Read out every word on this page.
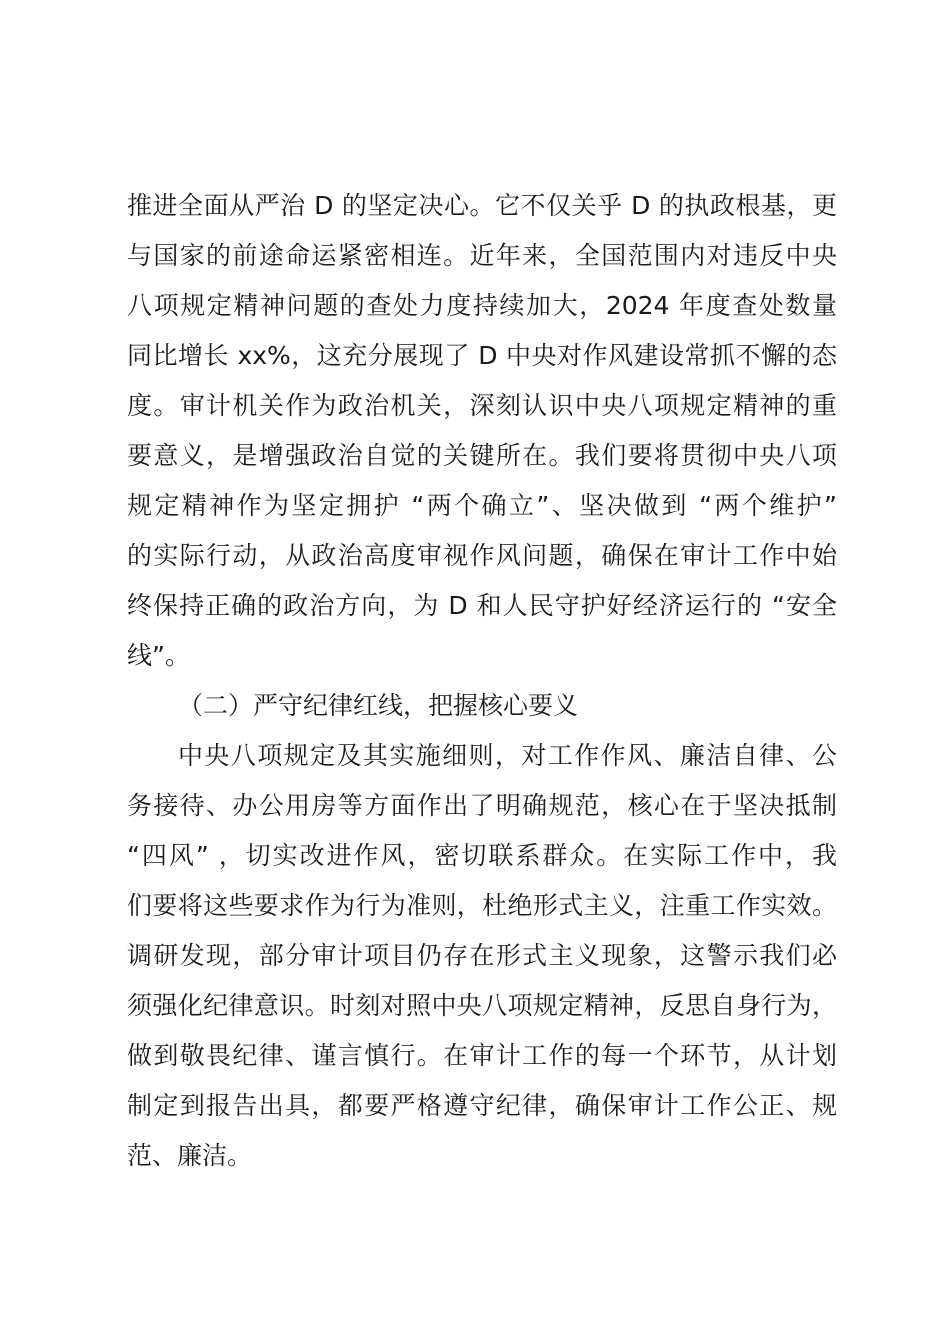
推进全面从严治 D 的坚定决心。它不仅关乎 D 的执政根基，更
与国家的前途命运紧密相连。近年来，全国范围内对违反中央
八项规定精神问题的查处力度持续加大，2024 年度查处数量
同比增长 xx%，这充分展现了 D 中央对作风建设常抓不懈的态
度。审计机关作为政治机关，深刻认识中央八项规定精神的重
要意义，是增强政治自觉的关键所在。我们要将贯彻中央八项
规定精神作为坚定拥护 “两个确立”、坚决做到 “两个维护”
的实际行动，从政治高度审视作风问题，确保在审计工作中始
终保持正确的政治方向，为 D 和人民守护好经济运行的 “安全
线”。
（二）严守纪律红线，把握核心要义
中央八项规定及其实施细则，对工作作风、廉洁自律、公
务接待、办公用房等方面作出了明确规范，核心在于坚决抵制
“四风” ，切实改进作风，密切联系群众。在实际工作中，我
们要将这些要求作为行为准则，杜绝形式主义，注重工作实效。
调研发现，部分审计项目仍存在形式主义现象，这警示我们必
须强化纪律意识。时刻对照中央八项规定精神，反思自身行为，
做到敬畏纪律、谨言慎行。在审计工作的每一个环节，从计划
制定到报告出具，都要严格遵守纪律，确保审计工作公正、规
范、廉洁。
